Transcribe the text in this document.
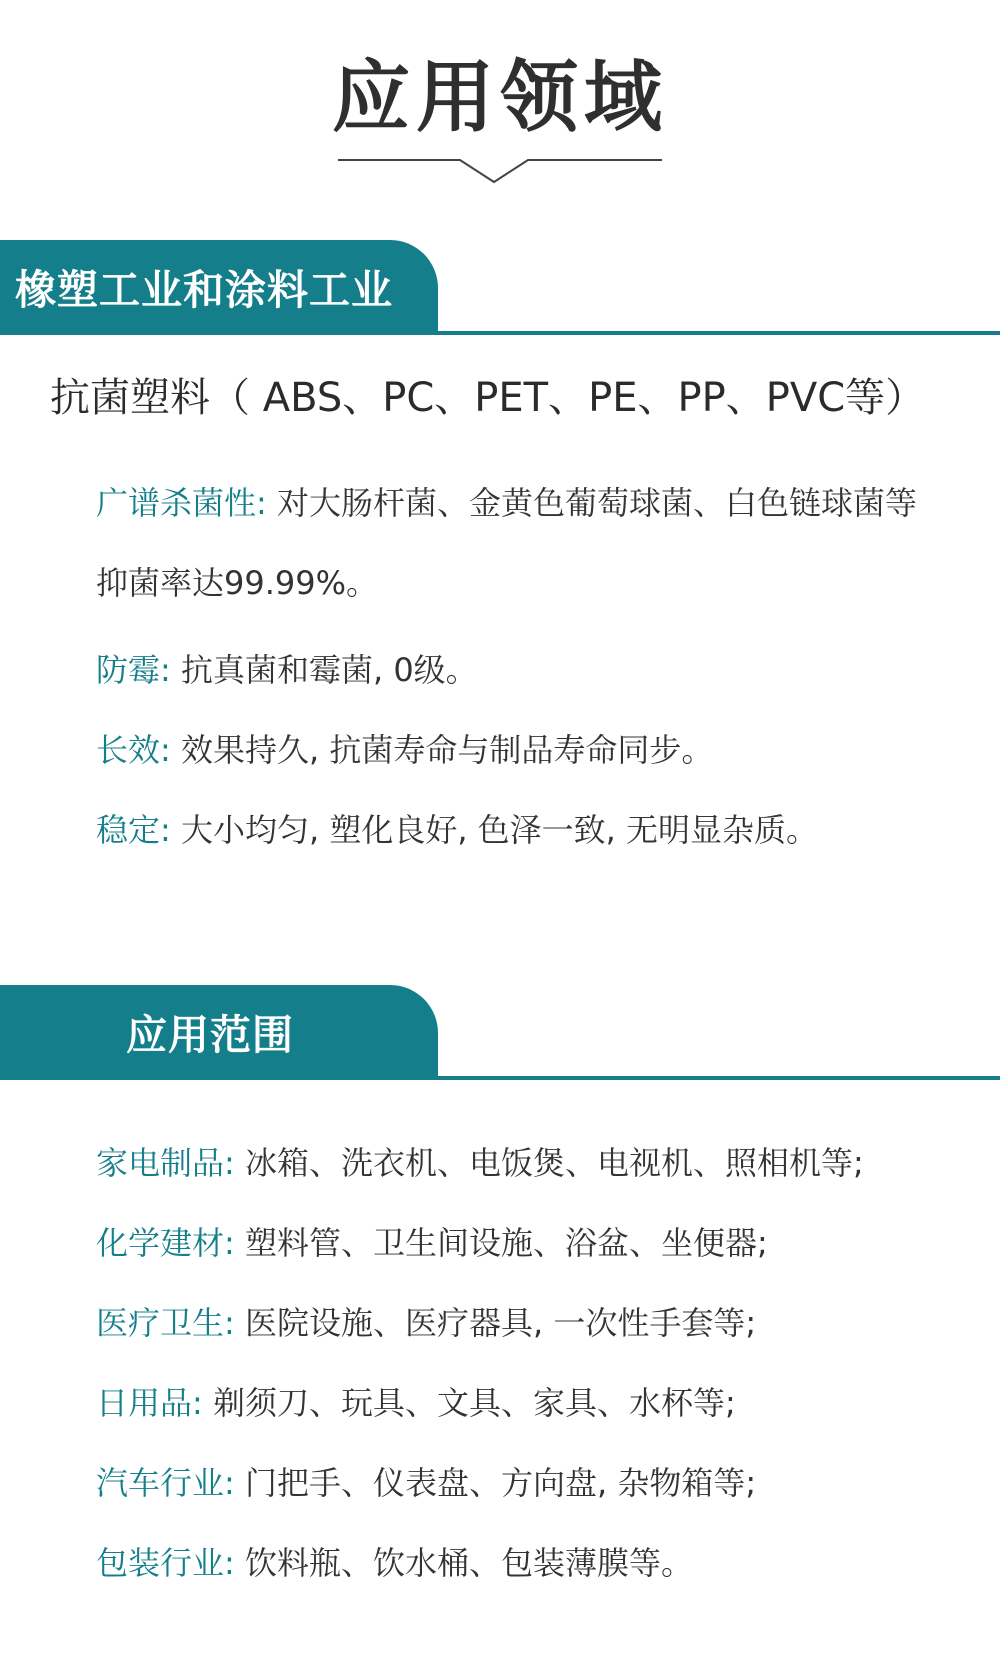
应用领域
橡塑工业和涂料工业
抗菌塑料（ ABS、PC、PET、PE、PP、PVC等）
广谱杀菌性: 对大肠杆菌、金黄色葡萄球菌、白色链球菌等抑菌率达99.99%。
防霉: 抗真菌和霉菌, 0级。
长效: 效果持久, 抗菌寿命与制品寿命同步。
稳定: 大小均匀, 塑化良好, 色泽一致, 无明显杂质。
应用范围
家电制品: 冰箱、洗衣机、电饭煲、电视机、照相机等;
化学建材: 塑料管、卫生间设施、浴盆、坐便器;
医疗卫生: 医院设施、医疗器具, 一次性手套等;
日用品: 剃须刀、玩具、文具、家具、水杯等;
汽车行业: 门把手、仪表盘、方向盘, 杂物箱等;
包装行业: 饮料瓶、饮水桶、包装薄膜等。
